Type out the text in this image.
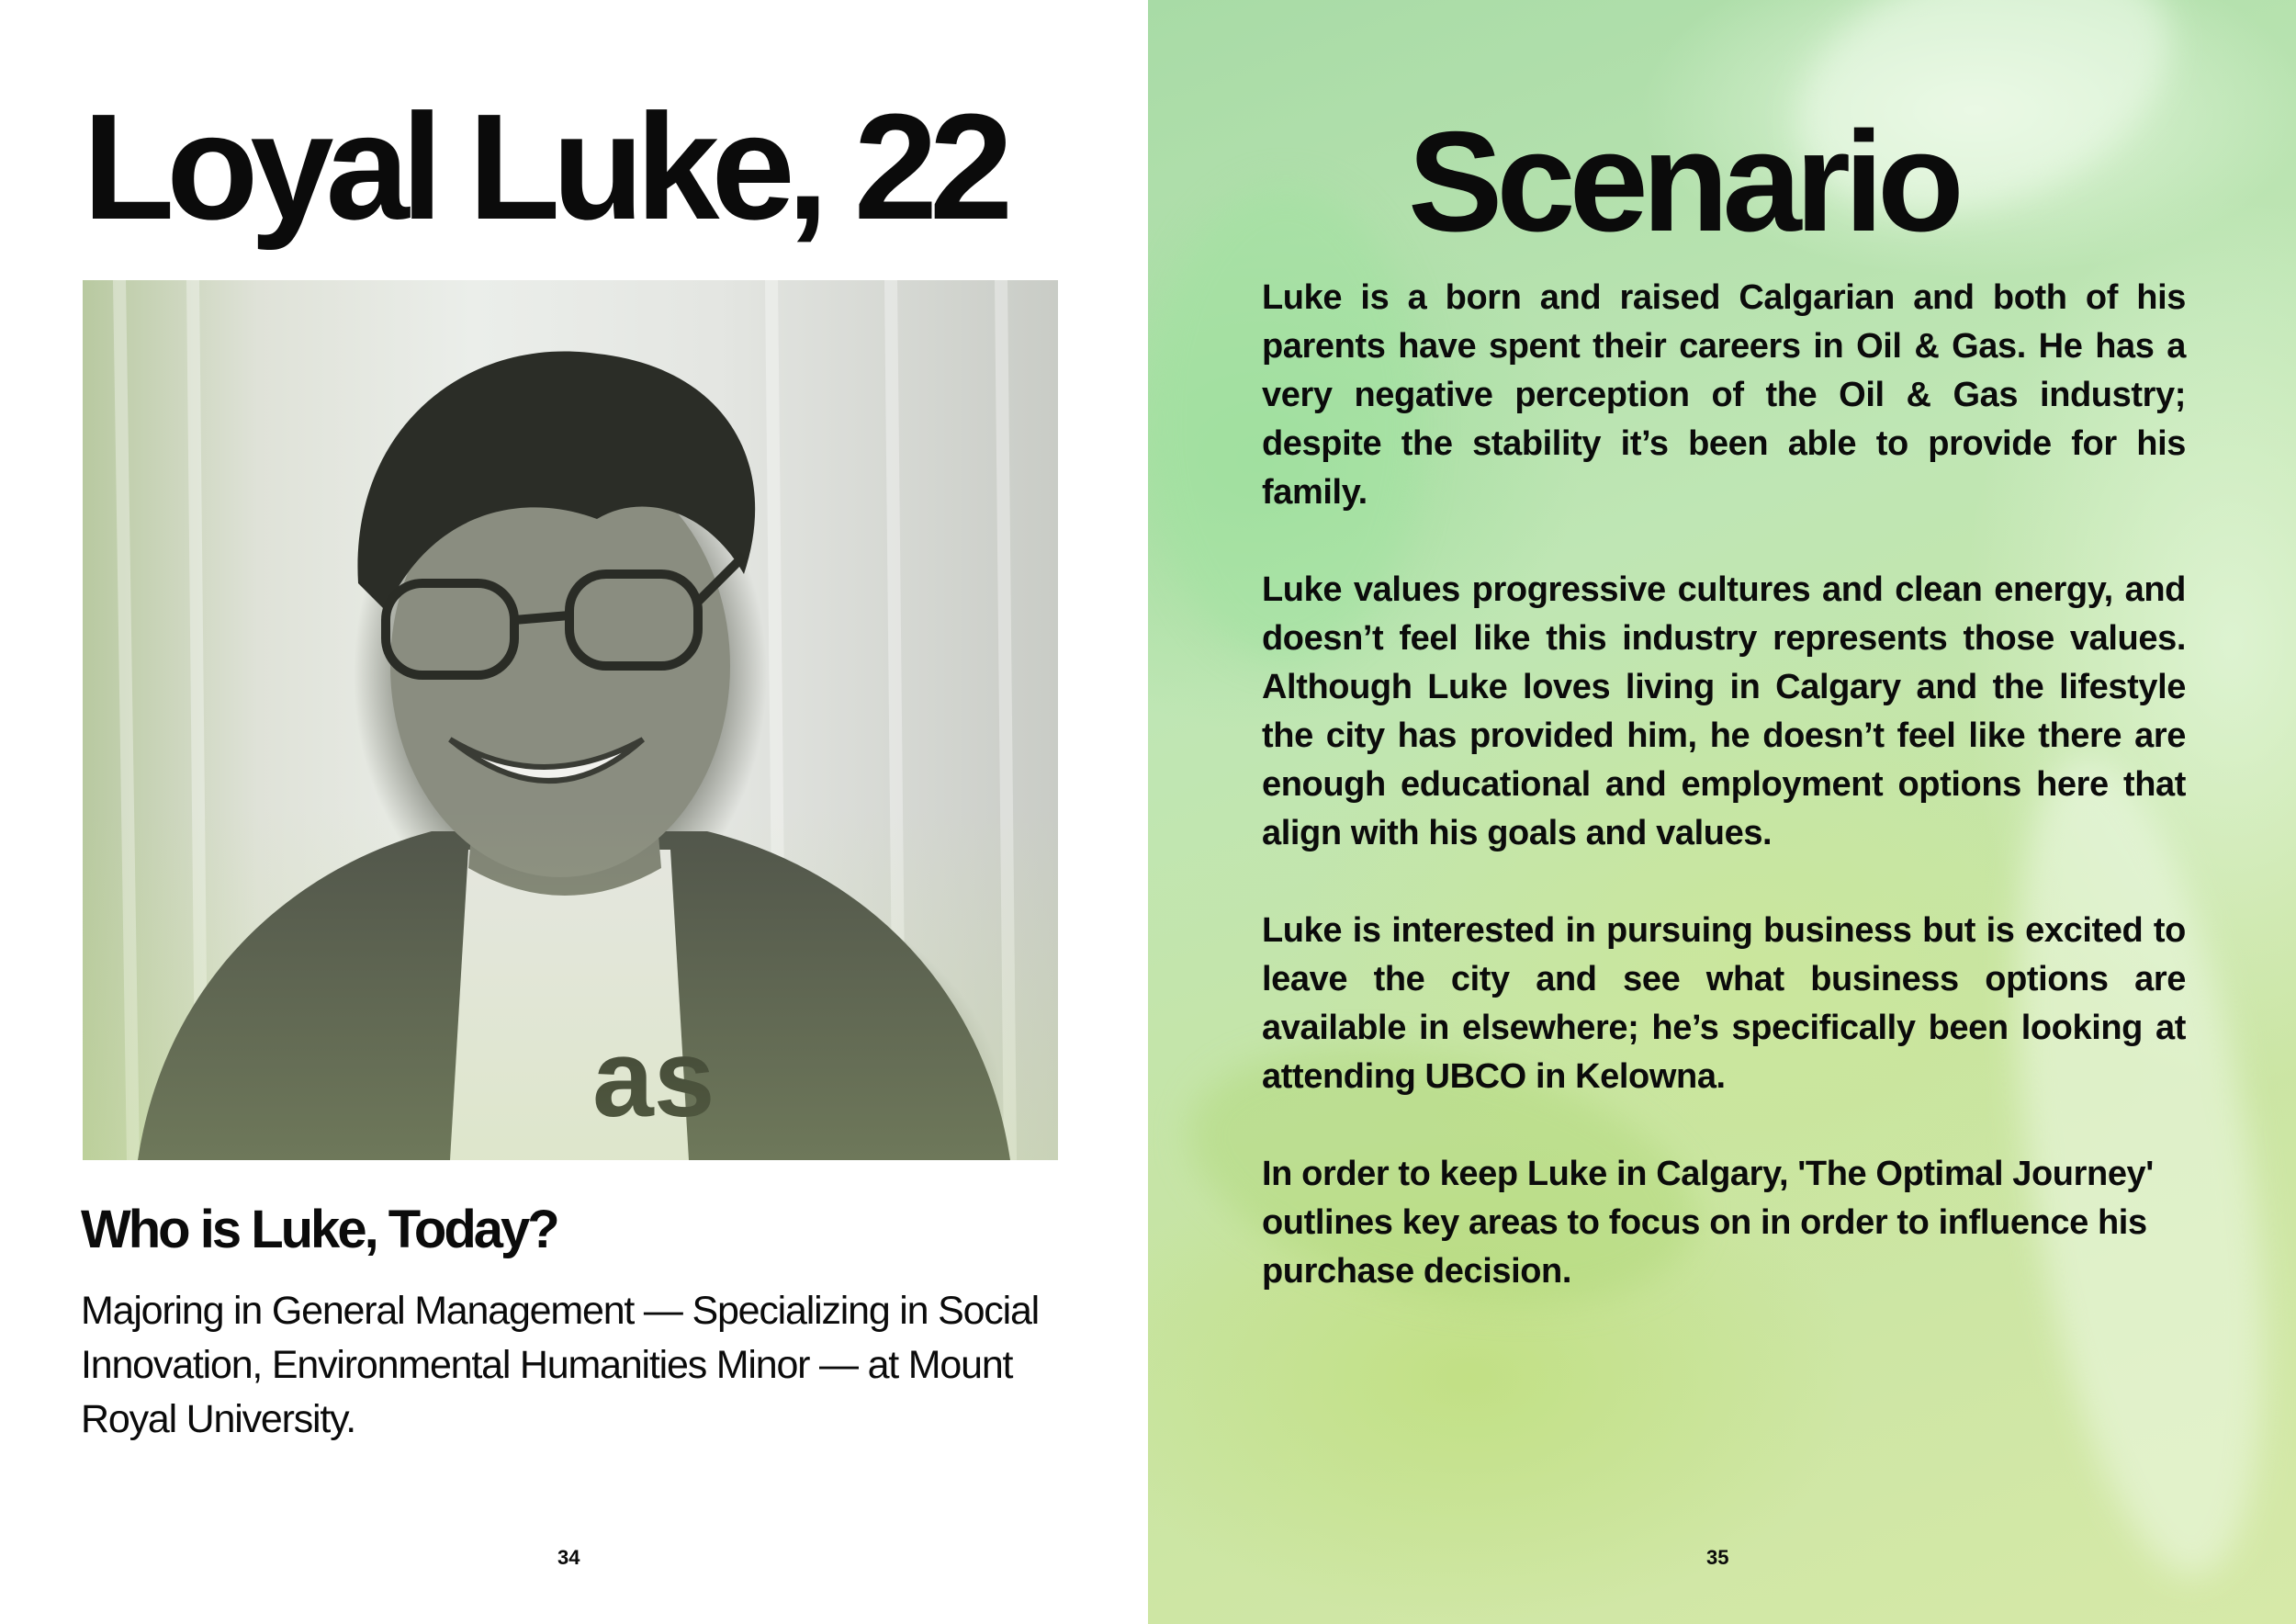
Loyal Luke, 22
Who is Luke, Today?

Majoring in General Management — Specializing in Social Innovation, Environmental Humanities Minor — at Mount Royal University.

34

Scenario

Luke is a born and raised Calgarian and both of his parents have spent their careers in Oil & Gas. He has a very negative perception of the Oil & Gas industry; despite the stability it’s been able to provide for his family.

Luke values progressive cultures and clean energy, and doesn’t feel like this industry represents those values. Although Luke loves living in Calgary and the lifestyle the city has provided him, he doesn’t feel like there are enough educational and employment options here that align with his goals and values.

Luke is interested in pursuing business but is excited to leave the city and see what business options are available in elsewhere; he’s specifically been looking at attending UBCO in Kelowna.

In order to keep Luke in Calgary, 'The Optimal Journey' outlines key areas to focus on in order to influence his purchase decision.

35
